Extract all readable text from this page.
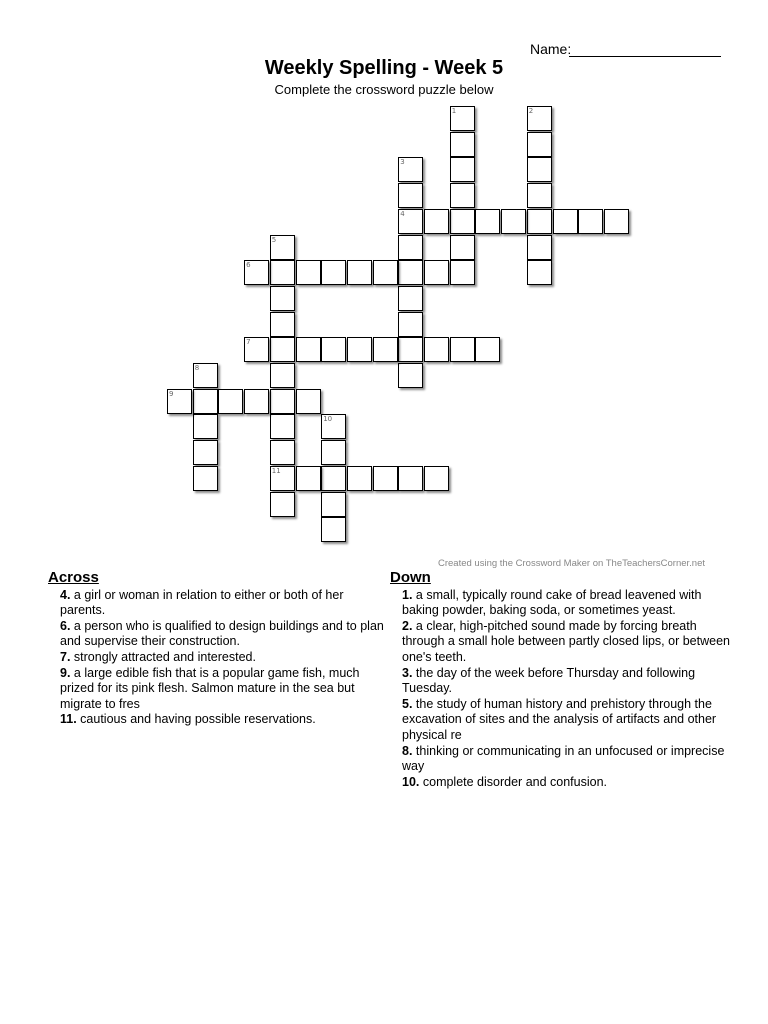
Name:
Weekly Spelling - Week 5
Complete the crossword puzzle below
1	2
3
4
5
11
6
7
8
9
10
Created using the Crossword Maker on TheTeachersCorner.net
Across
4. a girl or woman in relation to either or both of her parents.
6. a person who is qualified to design buildings and to plan and supervise their construction.
7. strongly attracted and interested.
9. a large edible fish that is a popular game fish, much prized for its pink flesh. Salmon mature in the sea but migrate to fres
11. cautious and having possible reservations.
Down
1. a small, typically round cake of bread leavened with baking powder, baking soda, or sometimes yeast.
2. a clear, high-pitched sound made by forcing breath through a small hole between partly closed lips, or between one's teeth.
3. the day of the week before Thursday and following Tuesday.
5. the study of human history and prehistory through the excavation of sites and the analysis of artifacts and other physical re
8. thinking or communicating in an unfocused or imprecise way
10. complete disorder and confusion.
